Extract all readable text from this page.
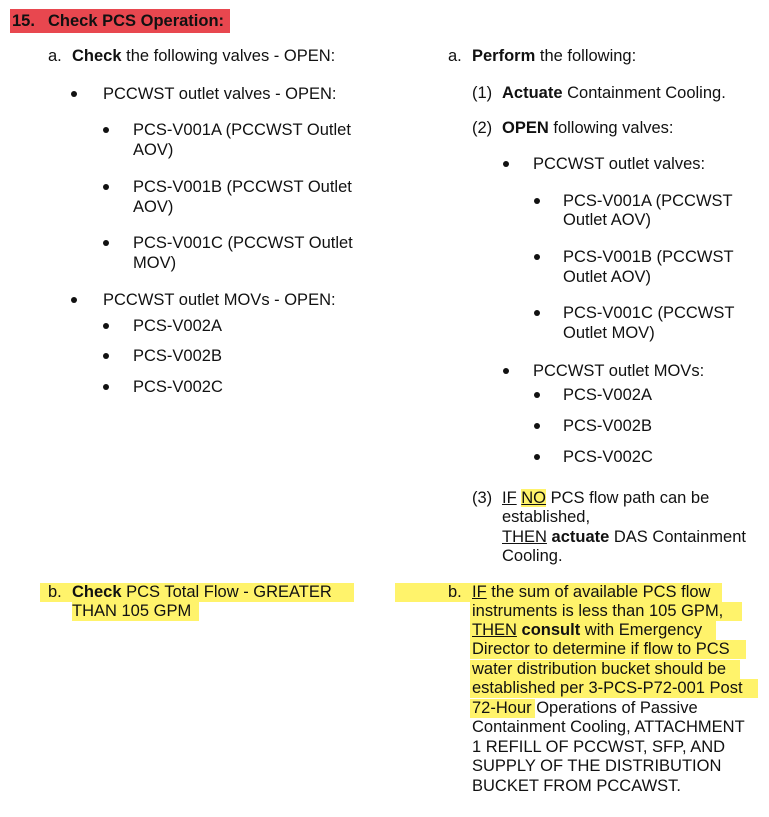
15. Check PCS Operation:
a. Check the following valves - OPEN:
PCCWST outlet valves - OPEN:
PCS-V001A (PCCWST Outlet
AOV)
PCS-V001B (PCCWST Outlet
AOV)
PCS-V001C (PCCWST Outlet
MOV)
PCCWST outlet MOVs - OPEN:
PCS-V002A
PCS-V002B
PCS-V002C
b. Check PCS Total Flow - GREATER
THAN 105 GPM
a. Perform the following:
(1) Actuate Containment Cooling.
(2) OPEN following valves:
PCCWST outlet valves:
PCS-V001A (PCCWST
Outlet AOV)
PCS-V001B (PCCWST
Outlet AOV)
PCS-V001C (PCCWST
Outlet MOV)
PCCWST outlet MOVs:
PCS-V002A
PCS-V002B
PCS-V002C
(3) IF NO PCS flow path can be
established,
THEN actuate DAS Containment
Cooling.
b. IF the sum of available PCS flow
instruments is less than 105 GPM,
THEN consult with Emergency
Director to determine if flow to PCS
water distribution bucket should be
established per 3-PCS-P72-001 Post
72-Hour Operations of Passive
Containment Cooling, ATTACHMENT
1 REFILL OF PCCWST, SFP, AND
SUPPLY OF THE DISTRIBUTION
BUCKET FROM PCCAWST.
